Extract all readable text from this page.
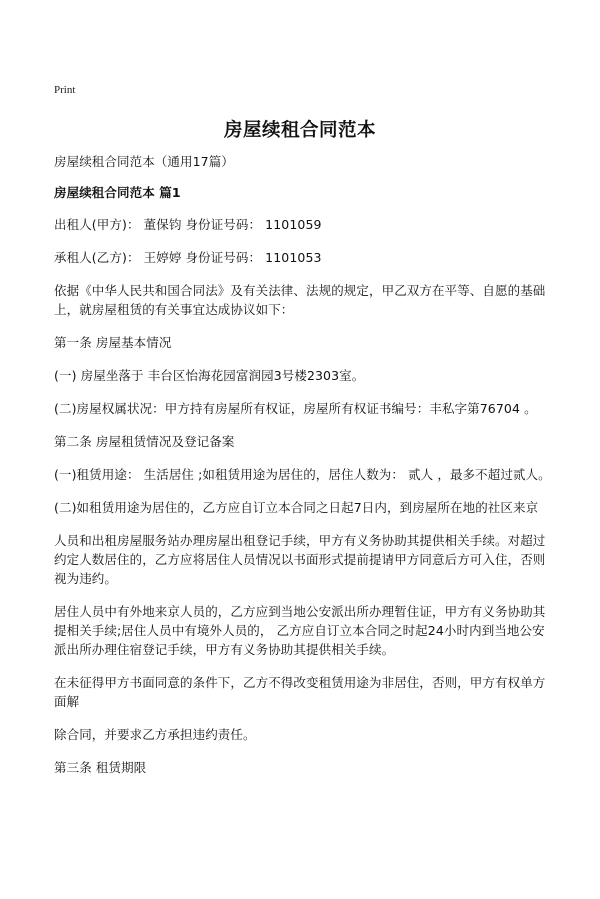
Print
房屋续租合同范本

房屋续租合同范本（通用17篇）

房屋续租合同范本 篇1

出租人(甲方)： 董保钧 身份证号码： 1101059

承租人(乙方)： 王婷婷 身份证号码： 1101053

依据《中华人民共和国合同法》及有关法律、法规的规定，甲乙双方在平等、自愿的基础上，就房屋租赁的有关事宜达成协议如下：

第一条 房屋基本情况

(一) 房屋坐落于 丰台区怡海花园富润园3号楼2303室。

(二)房屋权属状况：甲方持有房屋所有权证，房屋所有权证书编号：丰私字第76704 。

第二条 房屋租赁情况及登记备案

(一)租赁用途： 生活居住 ;如租赁用途为居住的，居住人数为： 贰人 ，最多不超过贰人。

(二)如租赁用途为居住的，乙方应自订立本合同之日起7日内，到房屋所在地的社区来京

人员和出租房屋服务站办理房屋出租登记手续，甲方有义务协助其提供相关手续。对超过约定人数居住的，乙方应将居住人员情况以书面形式提前提请甲方同意后方可入住，否则视为违约。

居住人员中有外地来京人员的，乙方应到当地公安派出所办理暂住证，甲方有义务协助其提相关手续;居住人员中有境外人员的， 乙方应自订立本合同之时起24小时内到当地公安派出所办理住宿登记手续，甲方有义务协助其提供相关手续。

在未征得甲方书面同意的条件下，乙方不得改变租赁用途为非居住，否则，甲方有权单方面解

除合同，并要求乙方承担违约责任。

第三条 租赁期限
